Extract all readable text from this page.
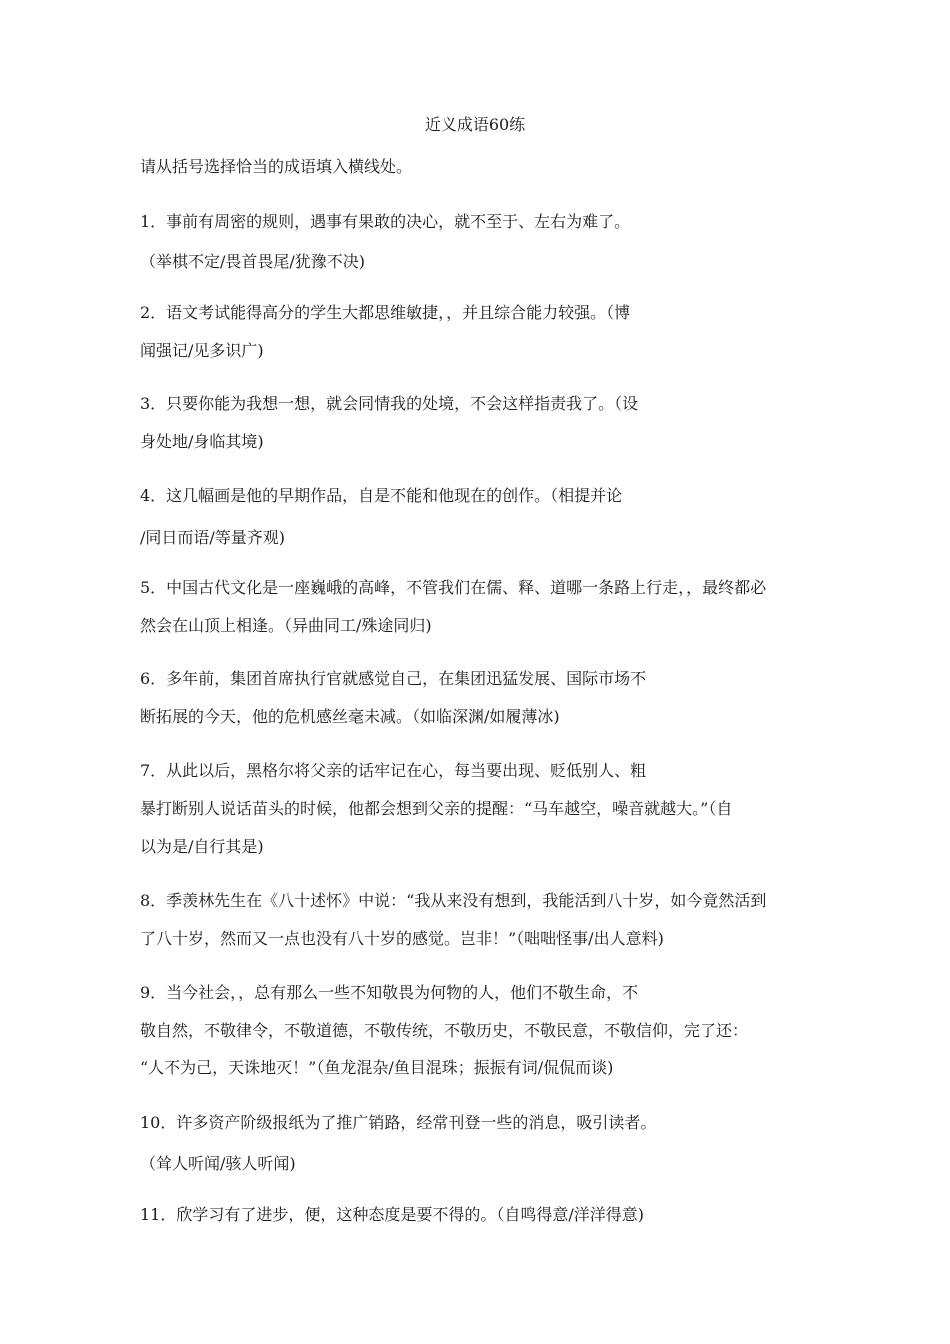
近义成语60练

请从括号选择恰当的成语填入横线处。

1．事前有周密的规则，遇事有果敢的决心，就不至于、左右为难了。

（举棋不定/畏首畏尾/犹豫不决)

2．语文考试能得高分的学生大都思维敏捷，，并且综合能力较强。（博

闻强记/见多识广)

3．只要你能为我想一想，就会同情我的处境，不会这样指责我了。（设

身处地/身临其境)

4．这几幅画是他的早期作品，自是不能和他现在的创作。（相提并论

/同日而语/等量齐观)

5．中国古代文化是一座巍峨的高峰，不管我们在儒、释、道哪一条路上行走，，最终都必

然会在山顶上相逢。（异曲同工/殊途同归)

6．多年前，集团首席执行官就感觉自己，在集团迅猛发展、国际市场不

断拓展的今天，他的危机感丝毫未减。（如临深渊/如履薄冰)

7．从此以后，黑格尔将父亲的话牢记在心，每当要出现、贬低别人、粗

暴打断别人说话苗头的时候，他都会想到父亲的提醒：“马车越空，噪音就越大。”（自

以为是/自行其是)

8．季羡林先生在《八十述怀》中说：“我从来没有想到，我能活到八十岁，如今竟然活到

了八十岁，然而又一点也没有八十岁的感觉。岂非！”（咄咄怪事/出人意料)

9．当今社会，，总有那么一些不知敬畏为何物的人，他们不敬生命，不

敬自然，不敬律令，不敬道德，不敬传统，不敬历史，不敬民意，不敬信仰，完了还：

“人不为己，天诛地灭！”（鱼龙混杂/鱼目混珠；振振有词/侃侃而谈)

10．许多资产阶级报纸为了推广销路，经常刊登一些的消息，吸引读者。

（耸人听闻/骇人听闻)

11．欣学习有了进步，便，这种态度是要不得的。（自鸣得意/洋洋得意)
